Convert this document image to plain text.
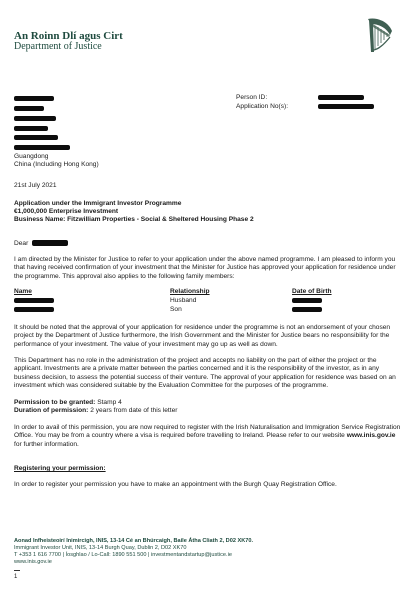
An Roinn Dlí agus Cirt
Department of Justice
Guangdong
China (Including Hong Kong)
Person ID:
Application No(s):
21st July 2021
Application under the Immigrant Investor Programme
€1,000,000 Enterprise Investment
Business Name: Fitzwilliam Properties - Social & Sheltered Housing Phase 2
Dear
I am directed by the Minister for Justice to refer to your application under the above named programme. I am pleased to inform you that having received confirmation of your investment that the Minister for Justice has approved your application for residence under the programme. This approval also applies to the following family members:
Name	Relationship	Date of Birth
Husband
Son
It should be noted that the approval of your application for residence under the programme is not an endorsement of your chosen project by the Department of Justice furthermore, the Irish Government and the Minister for Justice bears no responsibility for the performance of your investment. The value of your investment may go up as well as down.
This Department has no role in the administration of the project and accepts no liability on the part of either the project or the applicant. Investments are a private matter between the parties concerned and it is the responsibility of the investor, as in any business decision, to assess the potential success of their venture. The approval of your application for residence was based on an investment which was considered suitable by the Evaluation Committee for the purposes of the programme.
Permission to be granted: Stamp 4
Duration of permission: 2 years from date of this letter
In order to avail of this permission, you are now required to register with the Irish Naturalisation and Immigration Service Registration Office. You may be from a country where a visa is required before travelling to Ireland. Please refer to our website www.inis.gov.ie for further information.
Registering your permission:
In order to register your permission you have to make an appointment with the Burgh Quay Registration Office.
Aonad Infheisteoirí Inimircigh, INIS, 13-14 Cé an Bhúrcaigh, Baile Átha Cliath 2, D02 XK70.
Immigrant Investor Unit, INIS, 13-14 Burgh Quay, Dublin 2, D02 XK70
T +353 1 616 7700 | Íosghlao / Lo-Call: 1890 551 500 | investmentandstartup@justice.ie
www.inis.gov.ie
1
